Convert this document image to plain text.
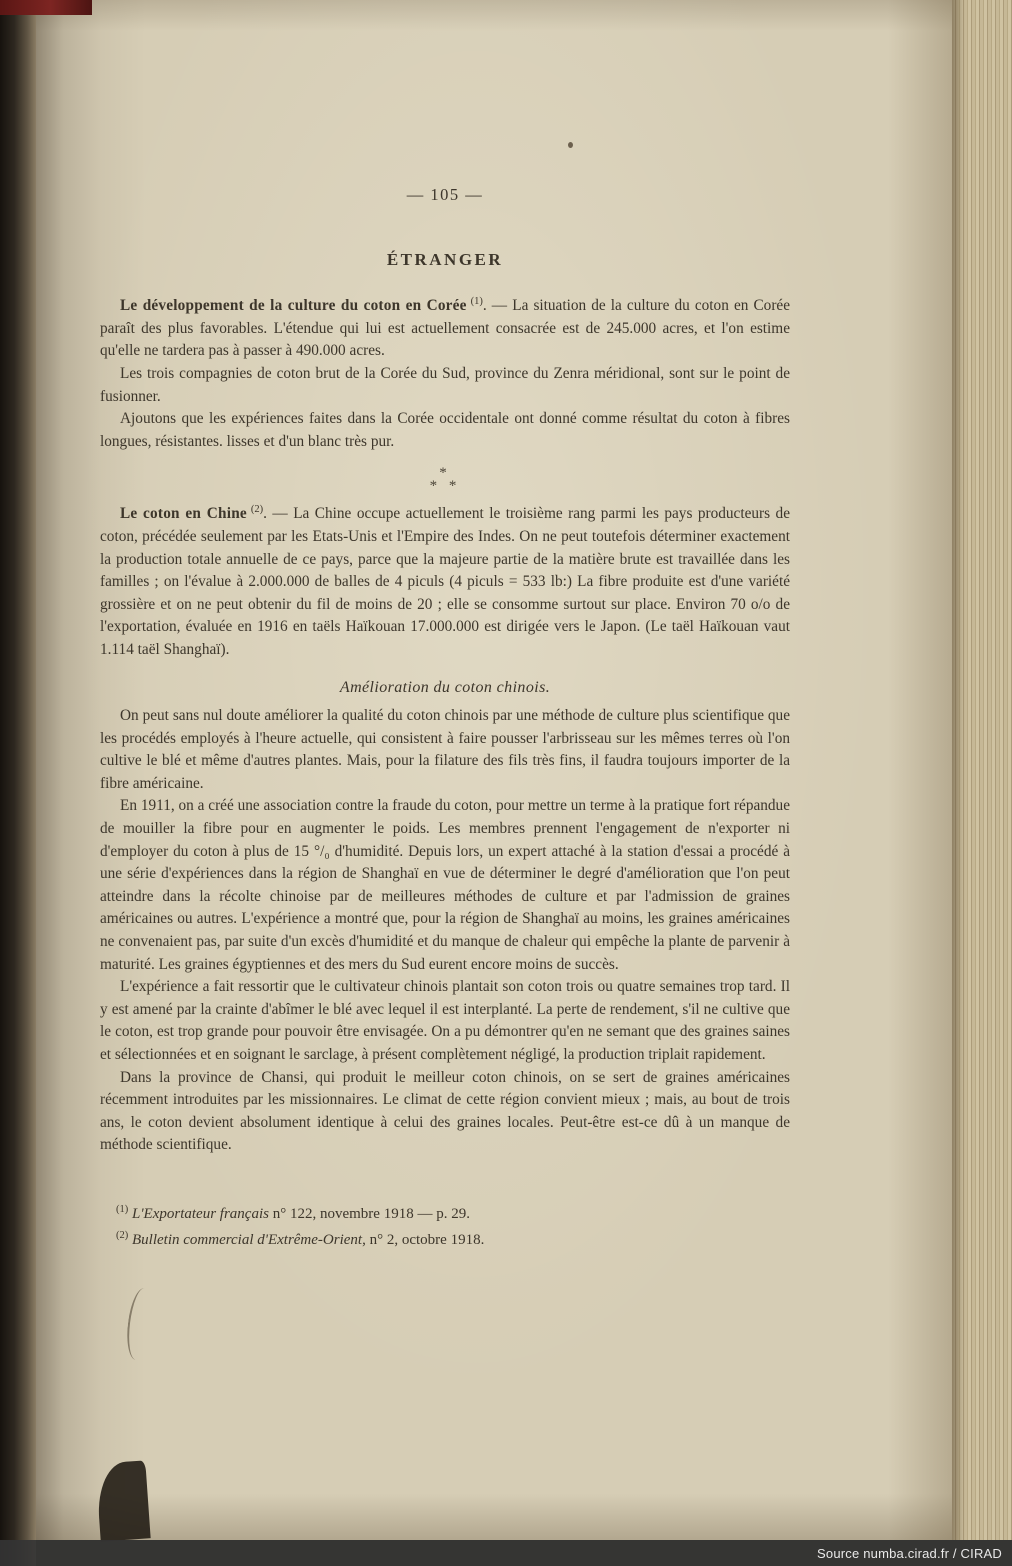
— 105 —
ÉTRANGER

Le développement de la culture du coton en Corée $^{(1)}$. — La situation de la culture du coton en Corée paraît des plus favorables. L'étendue qui lui est actuellement consacrée est de 245.000 acres, et l'on estime qu'elle ne tardera pas à passer à 490.000 acres.

Les trois compagnies de coton brut de la Corée du Sud, province du Zenra méridional, sont sur le point de fusionner.

Ajoutons que les expériences faites dans la Corée occidentale ont donné comme résultat du coton à fibres longues, résistantes. lisses et d'un blanc très pur.

*
* *

Le coton en Chine $^{(2)}$. — La Chine occupe actuellement le troisième rang parmi les pays producteurs de coton, précédée seulement par les Etats-Unis et l'Empire des Indes. On ne peut toutefois déterminer exactement la production totale annuelle de ce pays, parce que la majeure partie de la matière brute est travaillée dans les familles ; on l'évalue à 2.000.000 de balles de 4 piculs (4 piculs = 533 lb:) La fibre produite est d'une variété grossière et on ne peut obtenir du fil de moins de 20 ; elle se consomme surtout sur place. Environ 70 o/o de l'exportation, évaluée en 1916 en taëls Haïkouan 17.000.000 est dirigée vers le Japon. (Le taël Haïkouan vaut 1.114 taël Shanghaï).

Amélioration du coton chinois.

On peut sans nul doute améliorer la qualité du coton chinois par une méthode de culture plus scientifique que les procédés employés à l'heure actuelle, qui consistent à faire pousser l'arbrisseau sur les mêmes terres où l'on cultive le blé et même d'autres plantes. Mais, pour la filature des fils très fins, il faudra toujours importer de la fibre américaine.

En 1911, on a créé une association contre la fraude du coton, pour mettre un terme à la pratique fort répandue de mouiller la fibre pour en augmenter le poids. Les membres prennent l'engagement de n'exporter ni d'employer du coton à plus de 15 °/₀ d'humidité. Depuis lors, un expert attaché à la station d'essai a procédé à une série d'expériences dans la région de Shanghaï en vue de déterminer le degré d'amélioration que l'on peut atteindre dans la récolte chinoise par de meilleures méthodes de culture et par l'admission de graines américaines ou autres. L'expérience a montré que, pour la région de Shanghaï au moins, les graines américaines ne convenaient pas, par suite d'un excès d'humidité et du manque de chaleur qui empêche la plante de parvenir à maturité. Les graines égyptiennes et des mers du Sud eurent encore moins de succès.

L'expérience a fait ressortir que le cultivateur chinois plantait son coton trois ou quatre semaines trop tard. Il y est amené par la crainte d'abîmer le blé avec lequel il est interplanté. La perte de rendement, s'il ne cultive que le coton, est trop grande pour pouvoir être envisagée. On a pu démontrer qu'en ne semant que des graines saines et sélectionnées et en soignant le sarclage, à présent complètement négligé, la production triplait rapidement.

Dans la province de Chansi, qui produit le meilleur coton chinois, on se sert de graines américaines récemment introduites par les missionnaires. Le climat de cette région convient mieux ; mais, au bout de trois ans, le coton devient absolument identique à celui des graines locales. Peut-être est-ce dû à un manque de méthode scientifique.

$^{(1)}$ L'Exportateur français n° 122, novembre 1918 — p. 29.

$^{(2)}$ Bulletin commercial d'Extrême-Orient, n° 2, octobre 1918.

Source numba.cirad.fr / CIRAD
